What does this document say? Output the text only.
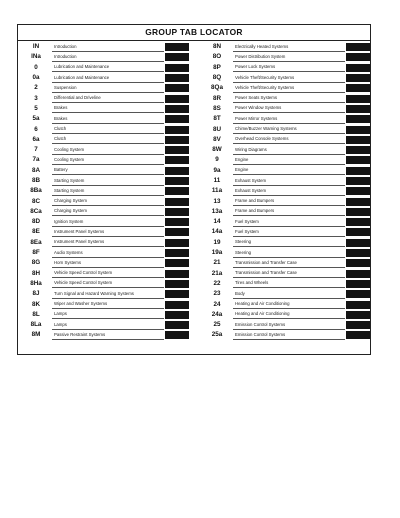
GROUP TAB LOCATOR
IN	Introduction
INa	Introduction
0	Lubrication and Maintenance
0a	Lubrication and Maintenance
2	Suspension
3	Differential and Driveline
5	Brakes
5a	Brakes
6	Clutch
6a	Clutch
7	Cooling System
7a	Cooling System
8A	Battery
8B	Starting System
8Ba	Starting System
8C	Charging System
8Ca	Charging System
8D	Ignition System
8E	Instrument Panel Systems
8Ea	Instrument Panel Systems
8F	Audio Systems
8G	Horn Systems
8H	Vehicle Speed Control System
8Ha	Vehicle Speed Control System
8J	Turn Signal and Hazard Warning Systems
8K	Wiper and Washer Systems
8L	Lamps
8La	Lamps
8M	Passive Restraint Systems
8N	Electrically Heated Systems
8O	Power Distribution System
8P	Power Lock Systems
8Q	Vehicle Theft/Security Systems
8Qa	Vehicle Theft/Security Systems
8R	Power Seats Systems
8S	Power Window Systems
8T	Power Mirror Systems
8U	Chime/Buzzer Warning Systems
8V	Overhead Console Systems
8W	Wiring Diagrams
9	Engine
9a	Engine
11	Exhaust System
11a	Exhaust System
13	Frame and Bumpers
13a	Frame and Bumpers
14	Fuel System
14a	Fuel System
19	Steering
19a	Steering
21	Transmission and Transfer Case
21a	Transmission and Transfer Case
22	Tires and Wheels
23	Body
24	Heating and Air Conditioning
24a	Heating and Air Conditioning
25	Emission Control Systems
25a	Emission Control Systems
